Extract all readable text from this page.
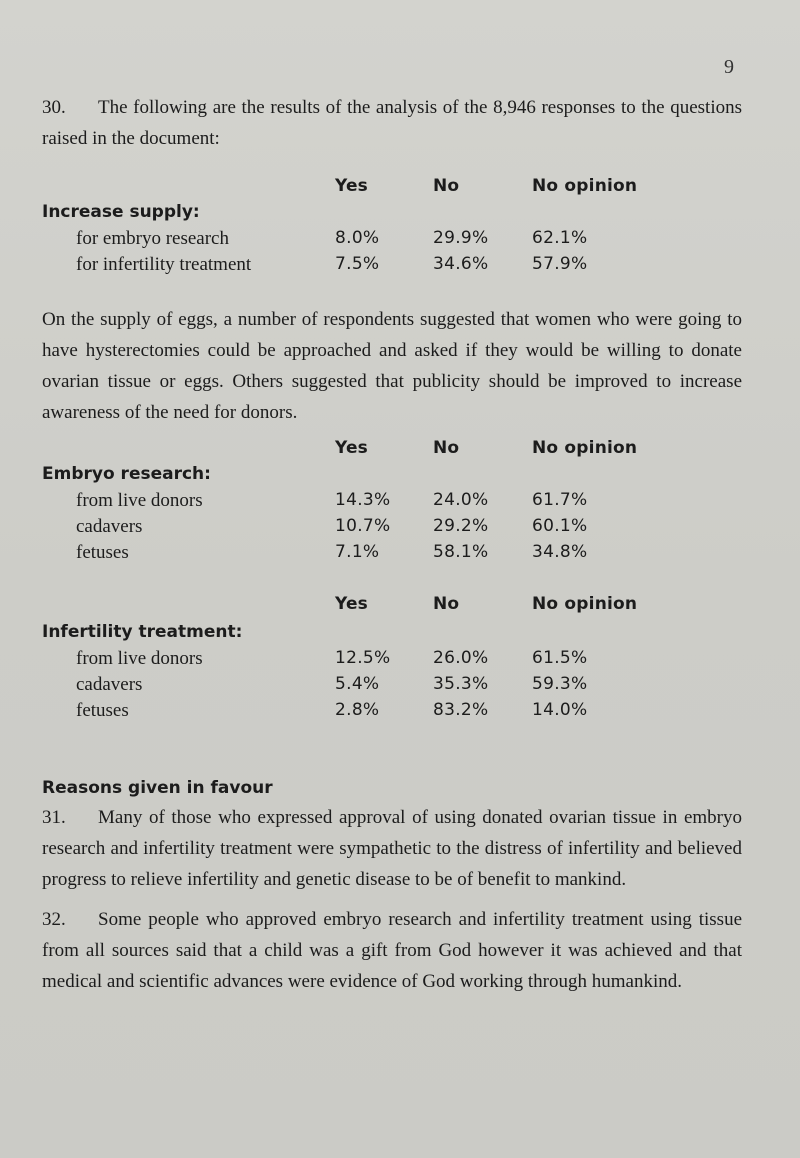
9
30. The following are the results of the analysis of the 8,946 responses to the questions raised in the document:
Yes	No	No opinion
Increase supply:
for embryo research	8.0%	29.9%	62.1%
for infertility treatment	7.5%	34.6%	57.9%
On the supply of eggs, a number of respondents suggested that women who were going to have hysterectomies could be approached and asked if they would be willing to donate ovarian tissue or eggs. Others suggested that publicity should be improved to increase awareness of the need for donors.
Yes	No	No opinion
Embryo research:
from live donors	14.3% 24.0%	61.7%
cadavers	10.7% 29.2%	60.1%
fetuses	7.1%	58.1%	34.8%
Yes	No	No opinion
Infertility treatment:
from live donors	12.5% 26.0%	61.5%
cadavers	5.4%	35.3%	59.3%
fetuses	2.8%	83.2%	14.0%
Reasons given in favour
31. Many of those who expressed approval of using donated ovarian tissue in embryo research and infertility treatment were sympathetic to the distress of infertility and believed progress to relieve infertility and genetic disease to be of benefit to mankind.
32. Some people who approved embryo research and infertility treatment using tissue from all sources said that a child was a gift from God however it was achieved and that medical and scientific advances were evidence of God working through humankind.
